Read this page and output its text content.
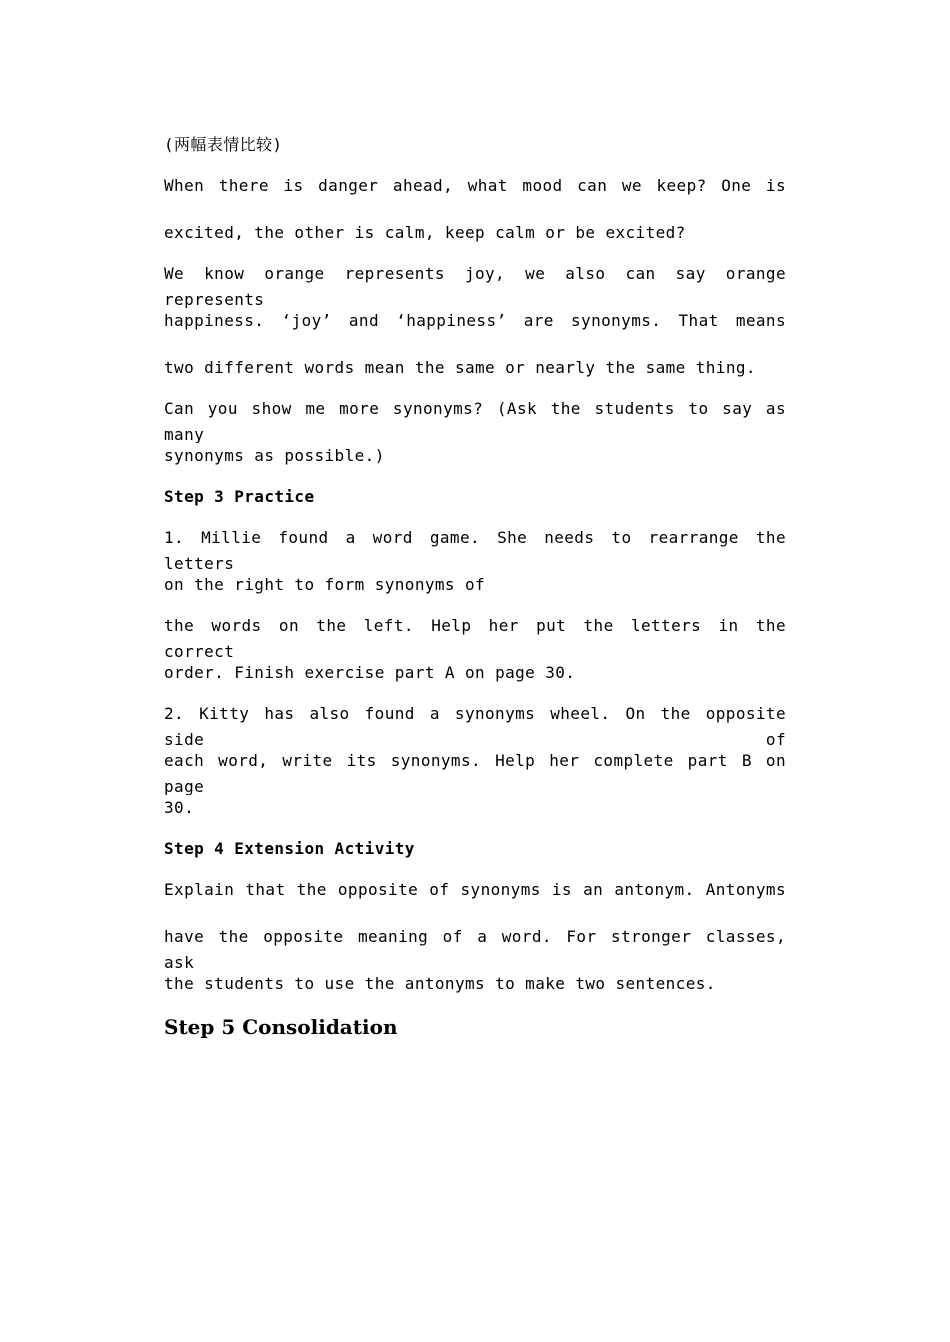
(两幅表情比较)
When there is danger ahead, what mood can we keep? One is
excited, the other is calm, keep calm or be excited?
We know orange represents joy, we also can say orange represents
happiness. ‘joy’ and ‘happiness’ are synonyms. That means
two different words mean the same or nearly the same thing.
Can you show me more synonyms? (Ask the students to say as many
synonyms as possible.)
Step 3 Practice
1. Millie found a word game. She needs to rearrange the letters
on the right to form synonyms of
the words on the left. Help her put the letters in the correct
order. Finish exercise part A on page 30.
2. Kitty has also found a synonyms wheel. On the opposite side of
each word, write its synonyms. Help her complete part B on page
30.
Step 4 Extension Activity
Explain that the opposite of synonyms is an antonym. Antonyms
have the opposite meaning of a word. For stronger classes, ask
the students to use the antonyms to make two sentences.
Step 5 Consolidation
